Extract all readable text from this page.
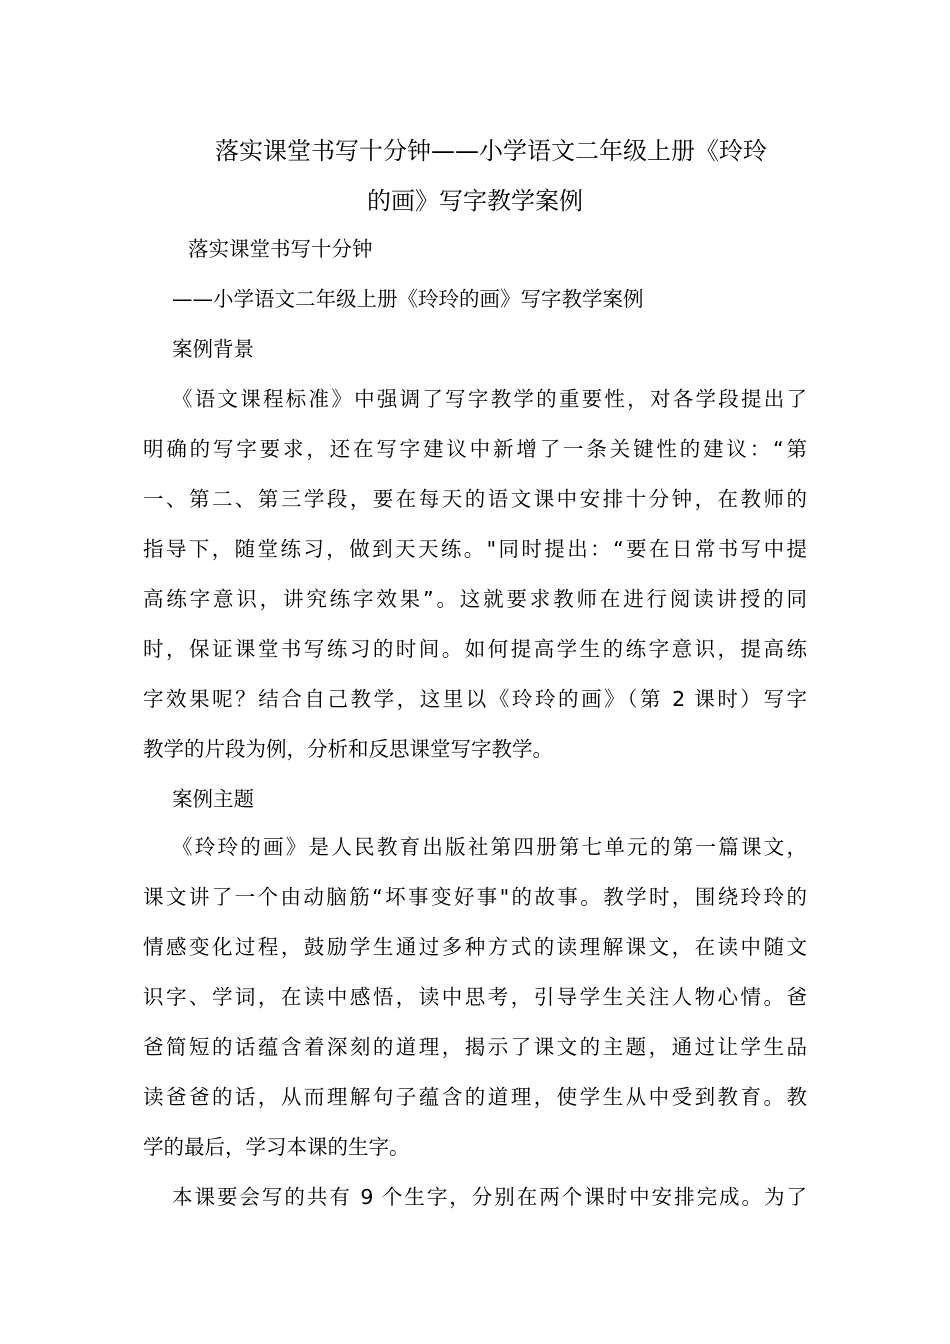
落实课堂书写十分钟——小学语文二年级上册《玲玲
的画》写字教学案例
落实课堂书写十分钟
——小学语文二年级上册《玲玲的画》写字教学案例
案例背景
《语文课程标准》中强调了写字教学的重要性，对各学段提出了
明确的写字要求，还在写字建议中新增了一条关键性的建议：“第
一、第二、第三学段，要在每天的语文课中安排十分钟，在教师的
指导下，随堂练习，做到天天练。"同时提出：“要在日常书写中提
高练字意识，讲究练字效果”。这就要求教师在进行阅读讲授的同
时，保证课堂书写练习的时间。如何提高学生的练字意识，提高练
字效果呢？结合自己教学，这里以《玲玲的画》（第 2 课时）写字
教学的片段为例，分析和反思课堂写字教学。
案例主题
《玲玲的画》是人民教育出版社第四册第七单元的第一篇课文，
课文讲了一个由动脑筋“坏事变好事"的故事。教学时，围绕玲玲的
情感变化过程，鼓励学生通过多种方式的读理解课文，在读中随文
识字、学词，在读中感悟，读中思考，引导学生关注人物心情。爸
爸简短的话蕴含着深刻的道理，揭示了课文的主题，通过让学生品
读爸爸的话，从而理解句子蕴含的道理，使学生从中受到教育。教
学的最后，学习本课的生字。
本课要会写的共有 9 个生字，分别在两个课时中安排完成。为了
